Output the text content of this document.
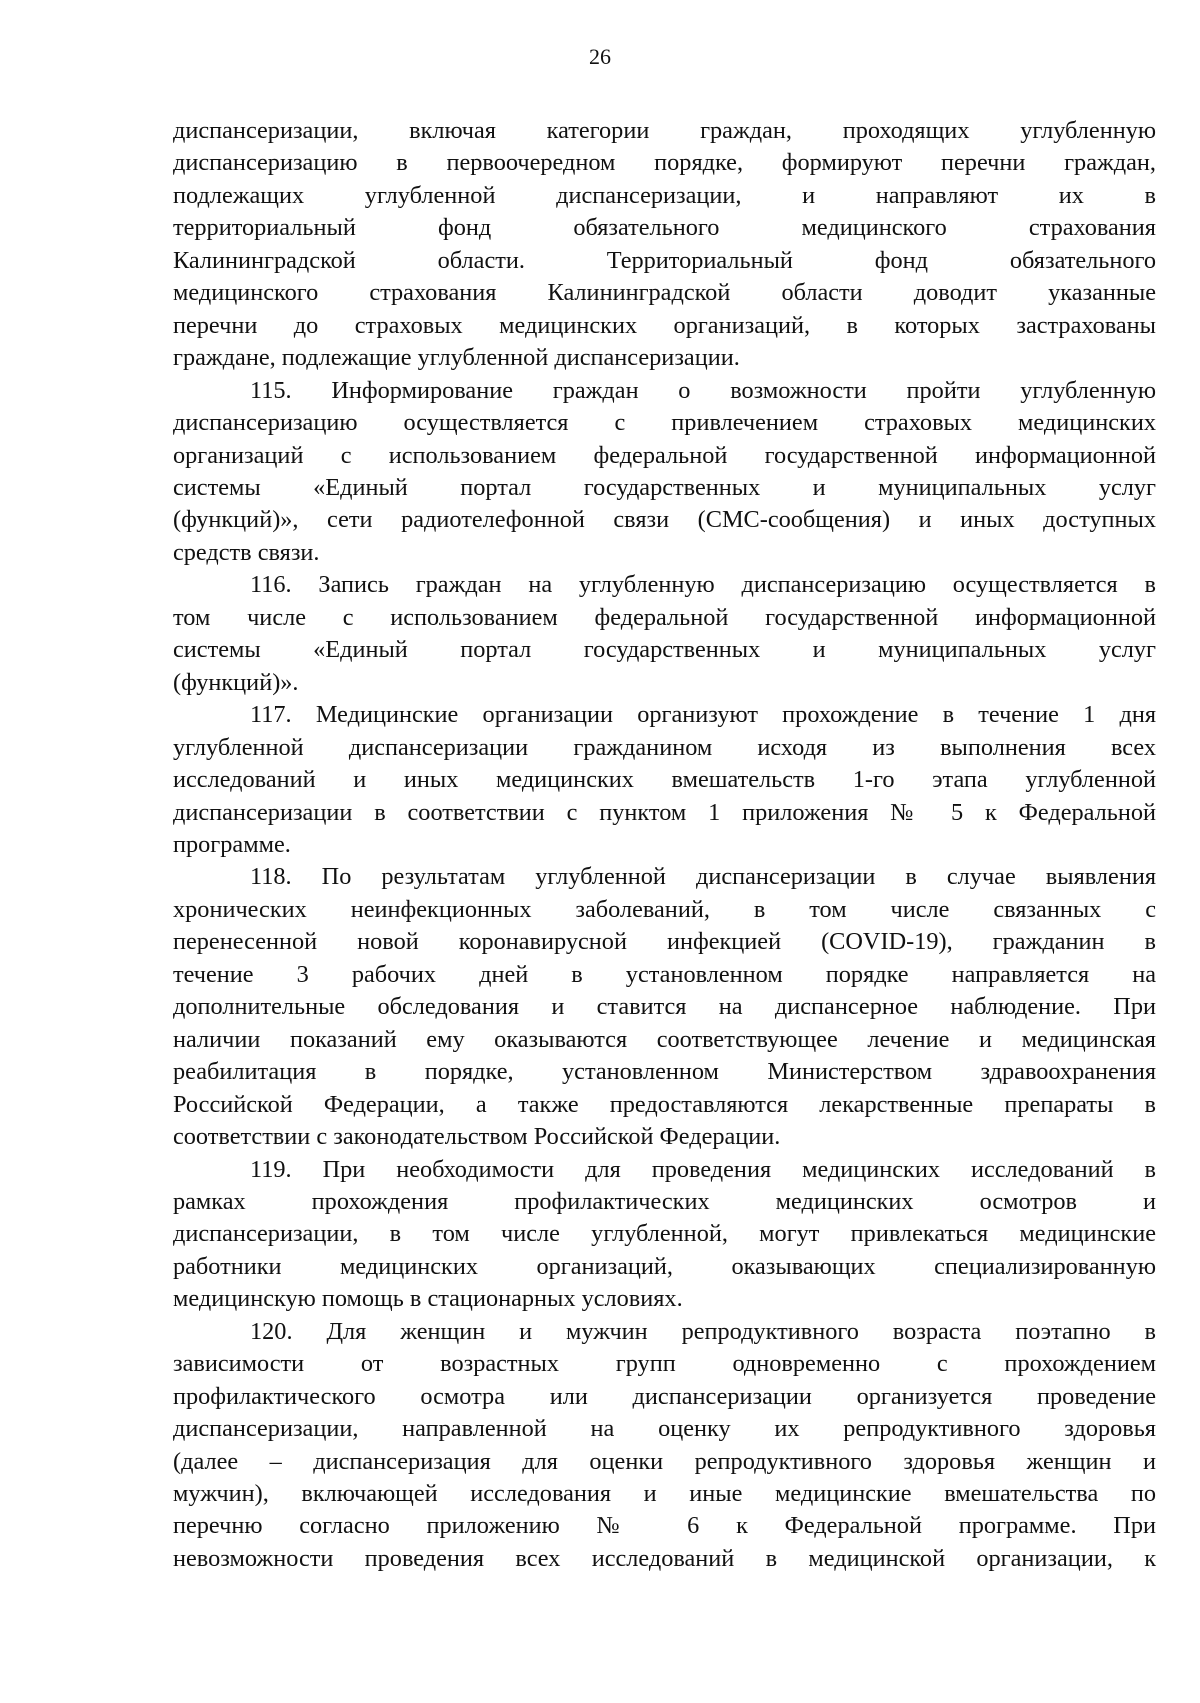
26
диспансеризации, включая категории граждан, проходящих углубленную
диспансеризацию в первоочередном порядке, формируют перечни граждан,
подлежащих углубленной диспансеризации, и направляют их в
территориальный фонд обязательного медицинского страхования
Калининградской области. Территориальный фонд обязательного
медицинского страхования Калининградской области доводит указанные
перечни до страховых медицинских организаций, в которых застрахованы
граждане, подлежащие углубленной диспансеризации.
115. Информирование граждан о возможности пройти углубленную
диспансеризацию осуществляется с привлечением страховых медицинских
организаций с использованием федеральной государственной информационной
системы «Единый портал государственных и муниципальных услуг
(функций)», сети радиотелефонной связи (СМС-сообщения) и иных доступных
средств связи.
116. Запись граждан на углубленную диспансеризацию осуществляется в
том числе с использованием федеральной государственной информационной
системы «Единый портал государственных и муниципальных услуг
(функций)».
117. Медицинские организации организуют прохождение в течение 1 дня
углубленной диспансеризации гражданином исходя из выполнения всех
исследований и иных медицинских вмешательств 1-го этапа углубленной
диспансеризации в соответствии с пунктом 1 приложения № 5 к Федеральной
программе.
118. По результатам углубленной диспансеризации в случае выявления
хронических неинфекционных заболеваний, в том числе связанных с
перенесенной новой коронавирусной инфекцией (COVID-19), гражданин в
течение 3 рабочих дней в установленном порядке направляется на
дополнительные обследования и ставится на диспансерное наблюдение. При
наличии показаний ему оказываются соответствующее лечение и медицинская
реабилитация в порядке, установленном Министерством здравоохранения
Российской Федерации, а также предоставляются лекарственные препараты в
соответствии с законодательством Российской Федерации.
119. При необходимости для проведения медицинских исследований в
рамках прохождения профилактических медицинских осмотров и
диспансеризации, в том числе углубленной, могут привлекаться медицинские
работники медицинских организаций, оказывающих специализированную
медицинскую помощь в стационарных условиях.
120. Для женщин и мужчин репродуктивного возраста поэтапно в
зависимости от возрастных групп одновременно с прохождением
профилактического осмотра или диспансеризации организуется проведение
диспансеризации, направленной на оценку их репродуктивного здоровья
(далее – диспансеризация для оценки репродуктивного здоровья женщин и
мужчин), включающей исследования и иные медицинские вмешательства по
перечню согласно приложению № 6 к Федеральной программе. При
невозможности проведения всех исследований в медицинской организации, к
